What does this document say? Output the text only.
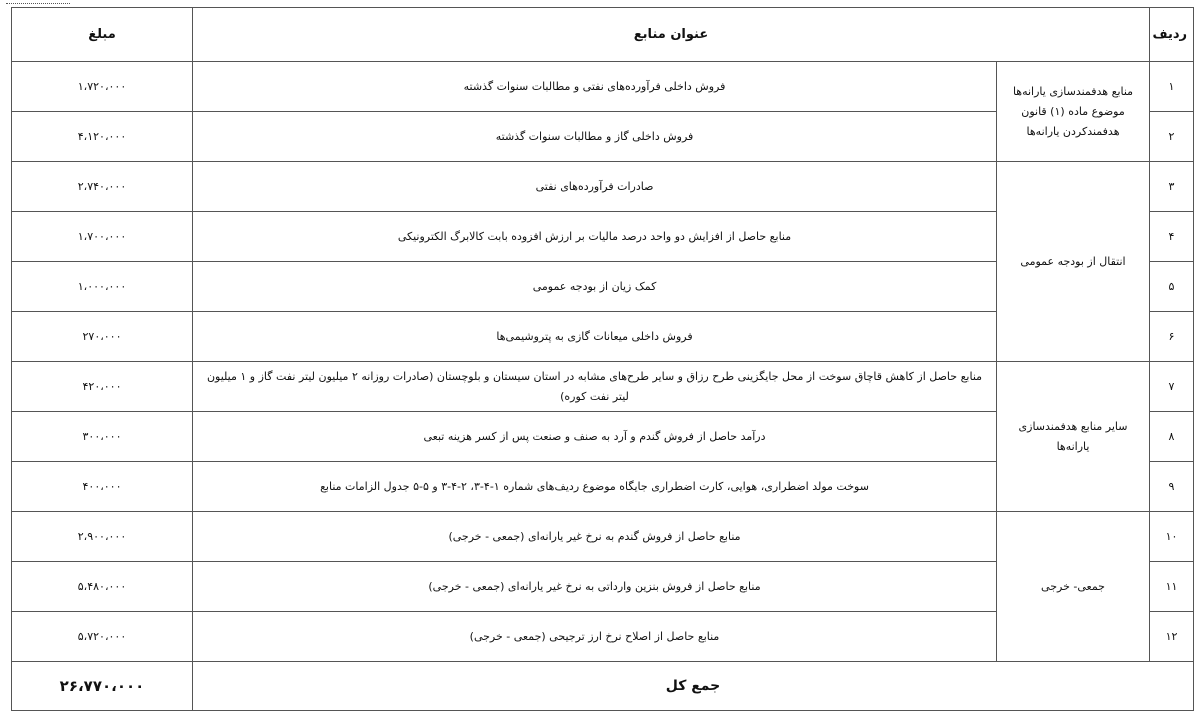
ردیف	عنوان منابع		مبلغ
۱	منابع هدفمندسازی یارانه‌ها موضوع ماده (۱) قانون هدفمندکردن یارانه‌ها	فروش داخلی فرآورده‌های نفتی و مطالبات سنوات گذشته	۱،۷۲۰،۰۰۰
۲		فروش داخلی گاز و مطالبات سنوات گذشته	۴،۱۲۰،۰۰۰
۳	انتقال از بودجه عمومی	صادرات فرآورده‌های نفتی	۲،۷۴۰،۰۰۰
۴		منابع حاصل از افزایش دو واحد درصد مالیات بر ارزش افزوده بابت کالابرگ الکترونیکی	۱،۷۰۰،۰۰۰
۵		کمک زیان از بودجه عمومی	۱،۰۰۰،۰۰۰
۶		فروش داخلی میعانات گازی به پتروشیمی‌ها	۲۷۰،۰۰۰
۷	سایر منابع هدفمندسازی یارانه‌ها	منابع حاصل از کاهش قاچاق سوخت از محل جایگزینی طرح رزاق و سایر طرح‌های مشابه در استان سیستان و بلوچستان (صادرات روزانه ۲ میلیون لیتر نفت گاز و ۱ میلیون لیتر نفت کوره)	۴۲۰،۰۰۰
۸		درآمد حاصل از فروش گندم و آرد به صنف و صنعت پس از کسر هزینه تبعی	۳۰۰،۰۰۰
۹		سوخت مولد اضطراری، هوایی، کارت اضطراری جایگاه موضوع ردیف‌های شماره ۱-۴-۳، ۲-۴-۳ و ۵-۵ جدول الزامات منابع	۴۰۰،۰۰۰
۱۰	جمعی- خرجی	منابع حاصل از فروش گندم به نرخ غیر یارانه‌ای (جمعی - خرجی)	۲،۹۰۰،۰۰۰
۱۱		منابع حاصل از فروش بنزین وارداتی به نرخ غیر یارانه‌ای (جمعی - خرجی)	۵،۴۸۰،۰۰۰
۱۲		منابع حاصل از اصلاح نرخ ارز ترجیحی (جمعی - خرجی)	۵،۷۲۰،۰۰۰
جمع کل			۲۶،۷۷۰،۰۰۰
